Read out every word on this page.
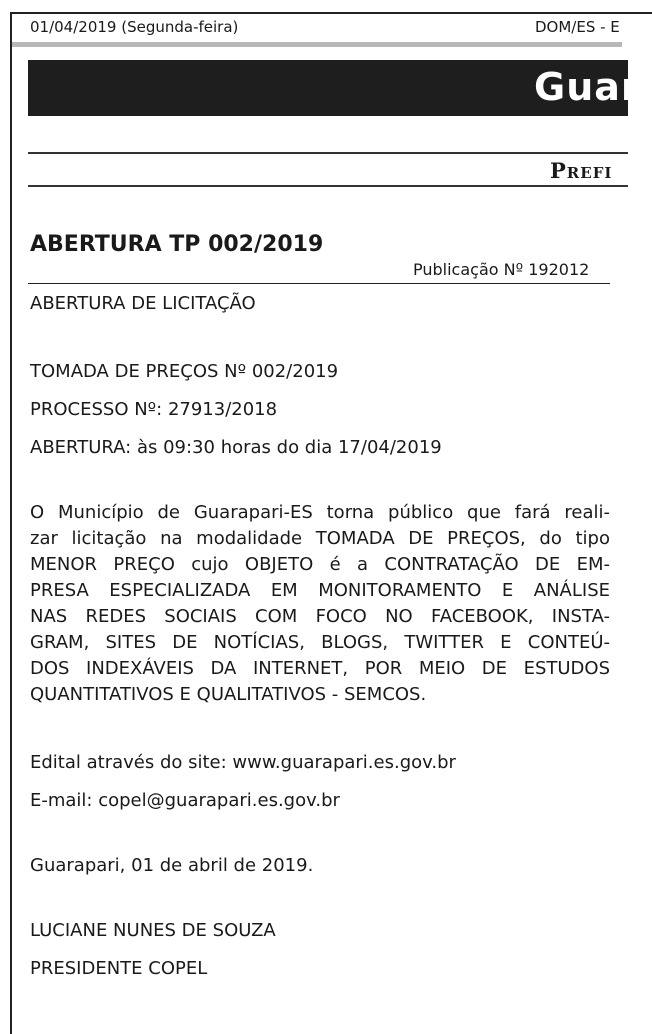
01/04/2019 (Segunda-feira)	DOM/ES - E
Guar
Prefi
ABERTURA TP 002/2019
Publicação Nº 192012
ABERTURA DE LICITAÇÃO
TOMADA DE PREÇOS Nº 002/2019
PROCESSO Nº: 27913/2018
ABERTURA: às 09:30 horas do dia 17/04/2019
O Município de Guarapari-ES torna público que fará reali-
zar licitação na modalidade TOMADA DE PREÇOS, do tipo
MENOR PREÇO cujo OBJETO é a CONTRATAÇÃO DE EM-
PRESA ESPECIALIZADA EM MONITORAMENTO E ANÁLISE
NAS REDES SOCIAIS COM FOCO NO FACEBOOK, INSTA-
GRAM, SITES DE NOTÍCIAS, BLOGS, TWITTER E CONTEÚ-
DOS INDEXÁVEIS DA INTERNET, POR MEIO DE ESTUDOS
QUANTITATIVOS E QUALITATIVOS - SEMCOS.
Edital através do site: www.guarapari.es.gov.br
E-mail: copel@guarapari.es.gov.br
Guarapari, 01 de abril de 2019.
LUCIANE NUNES DE SOUZA
PRESIDENTE COPEL
